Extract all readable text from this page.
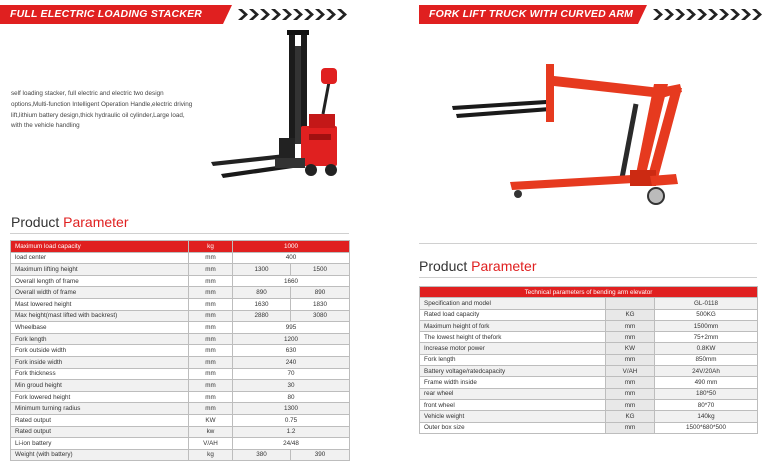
FULL ELECTRIC LOADING STACKER	FORK LIFT TRUCK WITH CURVED ARM
self loading stacker, full electric and electric two design options,Multi-function Intelligent Operation Handle,electric driving lift,lithium battery design,thick hydraulic oil cylinder,Large load, with the vehicle handling
Product Parameter
Maximum load capacity	kg	1000	
load center	mm	400	
Maximum lifting height	mm	1300	1500
Overall length of frame	mm	1660	
Overall width of frame	mm	890	890
Mast lowered height	mm	1630	1830
Max height(mast lifted with backrest)	mm	2880	3080
Wheelbase	mm	995	
Fork length	mm	1200	
Fork outside width	mm	630	
Fork inside width	mm	240	
Fork thickness	mm	70	
Min groud height	mm	30	
Fork lowered height	mm	80	
Minimum turning radius	mm	1300	
Rated output	KW	0.75	
Rated output	kw	1.2	
Li-ion battery	V/AH	24/48	
Weight (with battery)	kg	380	390
Product Parameter
Technical parameters of bending arm elevator		
Specification and model		GL-0118
Rated load capacity	KG	500KG
Maximum height of fork	mm	1500mm
The lowest height of thefork	mm	75+2mm
Increase motor power	KW	0.8KW
Fork length	mm	850mm
Battery voltage/ratedcapacity	V/AH	24V/20Ah
Frame width inside	mm	490 mm
rear wheel	mm	180*50
front wheel	mm	80*70
Vehicle weight	KG	140kg
Outer box size	mm	1500*680*500
